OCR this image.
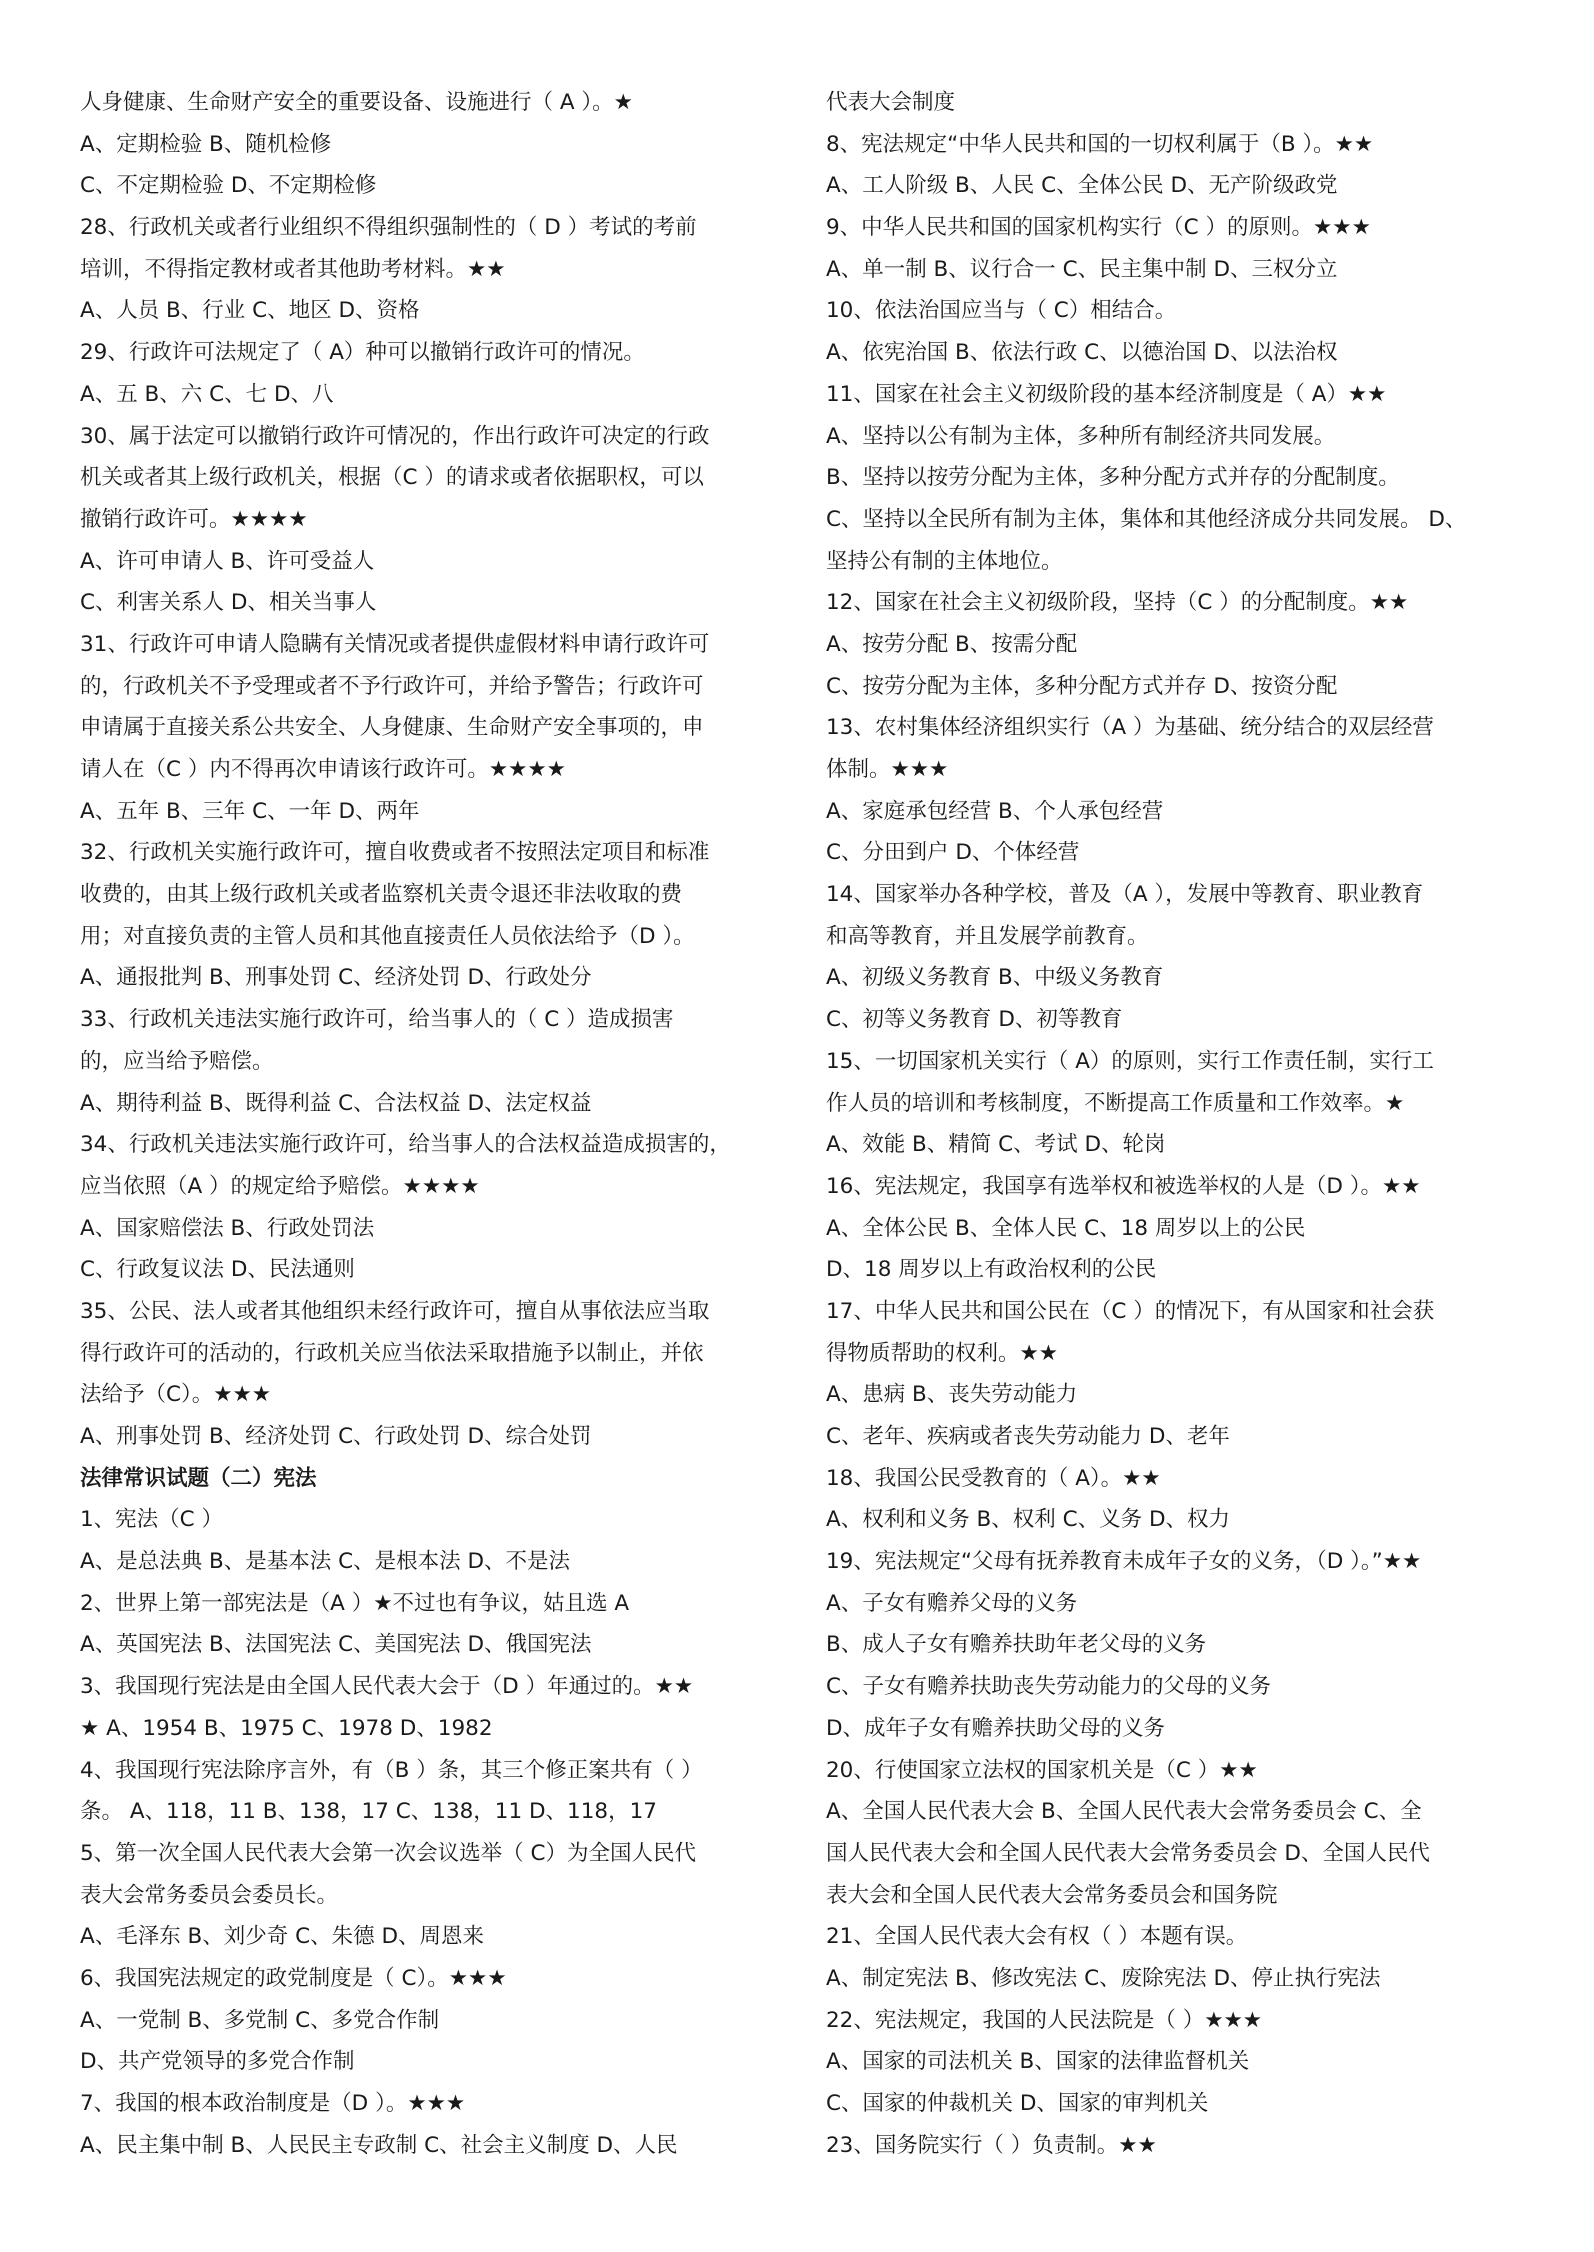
人身健康、生命财产安全的重要设备、设施进行（ A ）。★
A、定期检验 B、随机检修
C、不定期检验 D、不定期检修
28、行政机关或者行业组织不得组织强制性的（ D ）考试的考前
培训，不得指定教材或者其他助考材料。★★
A、人员 B、行业 C、地区 D、资格
29、行政许可法规定了（ A）种可以撤销行政许可的情况。
A、五 B、六 C、七 D、八
30、属于法定可以撤销行政许可情况的，作出行政许可决定的行政
机关或者其上级行政机关，根据（C ）的请求或者依据职权，可以
撤销行政许可。★★★★
A、许可申请人 B、许可受益人
C、利害关系人 D、相关当事人
31、行政许可申请人隐瞒有关情况或者提供虚假材料申请行政许可
的，行政机关不予受理或者不予行政许可，并给予警告；行政许可
申请属于直接关系公共安全、人身健康、生命财产安全事项的，申
请人在（C ）内不得再次申请该行政许可。★★★★
A、五年 B、三年 C、一年 D、两年
32、行政机关实施行政许可，擅自收费或者不按照法定项目和标准
收费的，由其上级行政机关或者监察机关责令退还非法收取的费
用；对直接负责的主管人员和其他直接责任人员依法给予（D ）。
A、通报批判 B、刑事处罚 C、经济处罚 D、行政处分
33、行政机关违法实施行政许可，给当事人的（ C ）造成损害
的，应当给予赔偿。
A、期待利益 B、既得利益 C、合法权益 D、法定权益
34、行政机关违法实施行政许可，给当事人的合法权益造成损害的，
应当依照（A ）的规定给予赔偿。★★★★
A、国家赔偿法 B、行政处罚法
C、行政复议法 D、民法通则
35、公民、法人或者其他组织未经行政许可，擅自从事依法应当取
得行政许可的活动的，行政机关应当依法采取措施予以制止，并依
法给予（C）。★★★
A、刑事处罚 B、经济处罚 C、行政处罚 D、综合处罚
法律常识试题（二）宪法
1、宪法（C ）
A、是总法典 B、是基本法 C、是根本法 D、不是法
2、世界上第一部宪法是（A ）★不过也有争议，姑且选 A
A、英国宪法 B、法国宪法 C、美国宪法 D、俄国宪法
3、我国现行宪法是由全国人民代表大会于（D ）年通过的。★★
★ A、1954 B、1975 C、1978 D、1982
4、我国现行宪法除序言外，有（B ）条，其三个修正案共有（ ）
条。 A、118，11 B、138，17 C、138，11 D、118，17
5、第一次全国人民代表大会第一次会议选举（ C）为全国人民代
表大会常务委员会委员长。
A、毛泽东 B、刘少奇 C、朱德 D、周恩来
6、我国宪法规定的政党制度是（ C）。★★★
A、一党制 B、多党制 C、多党合作制
D、共产党领导的多党合作制
7、我国的根本政治制度是（D ）。★★★
A、民主集中制 B、人民民主专政制 C、社会主义制度 D、人民
代表大会制度
8、宪法规定“中华人民共和国的一切权利属于（B ）。★★
A、工人阶级 B、人民 C、全体公民 D、无产阶级政党
9、中华人民共和国的国家机构实行（C ）的原则。★★★
A、单一制 B、议行合一 C、民主集中制 D、三权分立
10、依法治国应当与（ C）相结合。
A、依宪治国 B、依法行政 C、以德治国 D、以法治权
11、国家在社会主义初级阶段的基本经济制度是（ A）★★
A、坚持以公有制为主体，多种所有制经济共同发展。
B、坚持以按劳分配为主体，多种分配方式并存的分配制度。
C、坚持以全民所有制为主体，集体和其他经济成分共同发展。 D、
坚持公有制的主体地位。
12、国家在社会主义初级阶段，坚持（C ）的分配制度。★★
A、按劳分配 B、按需分配
C、按劳分配为主体，多种分配方式并存 D、按资分配
13、农村集体经济组织实行（A ）为基础、统分结合的双层经营
体制。★★★
A、家庭承包经营 B、个人承包经营
C、分田到户 D、个体经营
14、国家举办各种学校，普及（A ），发展中等教育、职业教育
和高等教育，并且发展学前教育。
A、初级义务教育 B、中级义务教育
C、初等义务教育 D、初等教育
15、一切国家机关实行（ A）的原则，实行工作责任制，实行工
作人员的培训和考核制度，不断提高工作质量和工作效率。★
A、效能 B、精简 C、考试 D、轮岗
16、宪法规定，我国享有选举权和被选举权的人是（D ）。★★
A、全体公民 B、全体人民 C、18 周岁以上的公民
D、18 周岁以上有政治权利的公民
17、中华人民共和国公民在（C ）的情况下，有从国家和社会获
得物质帮助的权利。★★
A、患病 B、丧失劳动能力
C、老年、疾病或者丧失劳动能力 D、老年
18、我国公民受教育的（ A）。★★
A、权利和义务 B、权利 C、义务 D、权力
19、宪法规定“父母有抚养教育未成年子女的义务，（D ）。”★★
A、子女有赡养父母的义务
B、成人子女有赡养扶助年老父母的义务
C、子女有赡养扶助丧失劳动能力的父母的义务
D、成年子女有赡养扶助父母的义务
20、行使国家立法权的国家机关是（C ）★★
A、全国人民代表大会 B、全国人民代表大会常务委员会 C、全
国人民代表大会和全国人民代表大会常务委员会 D、全国人民代
表大会和全国人民代表大会常务委员会和国务院
21、全国人民代表大会有权（ ）本题有误。
A、制定宪法 B、修改宪法 C、废除宪法 D、停止执行宪法
22、宪法规定，我国的人民法院是（ ）★★★
A、国家的司法机关 B、国家的法律监督机关
C、国家的仲裁机关 D、国家的审判机关
23、国务院实行（ ）负责制。★★
